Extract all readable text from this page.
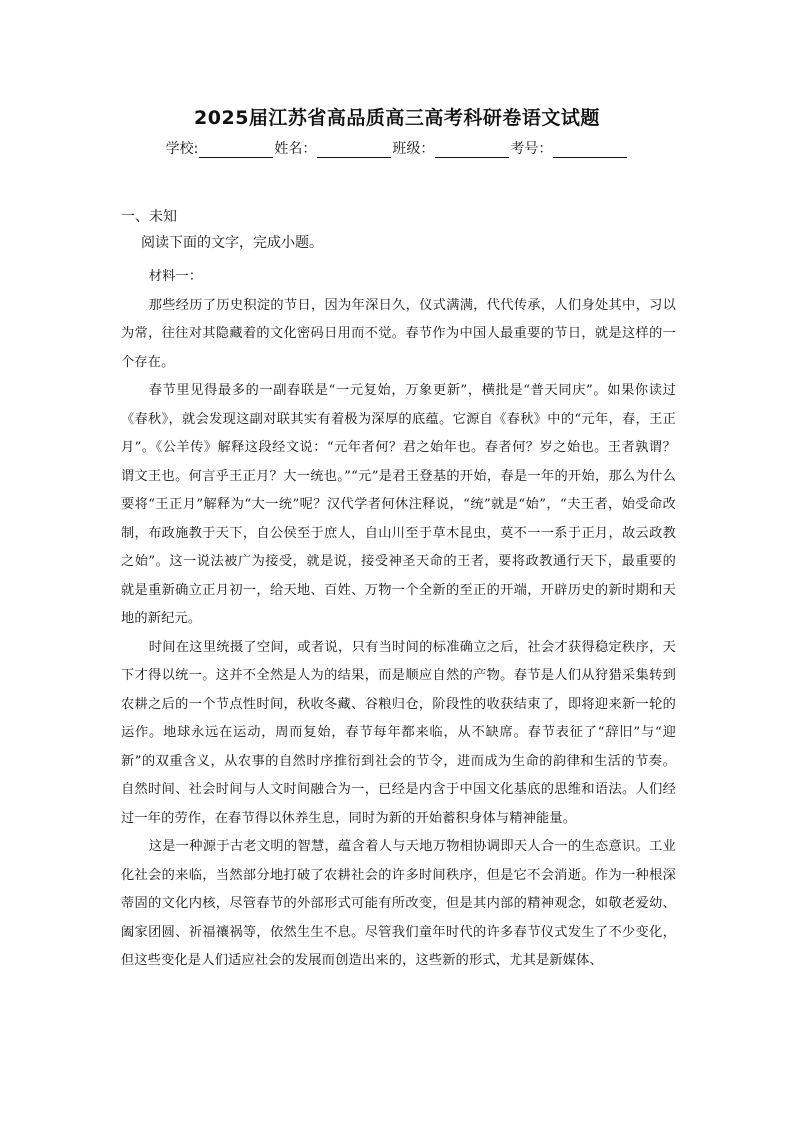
2025届江苏省高品质高三高考科研卷语文试题
学校:	姓名：	班级：	考号：
一、未知
阅读下面的文字，完成小题。

材料一：

那些经历了历史积淀的节日，因为年深日久，仪式满满，代代传承，人们身处其中，习以为常，往往对其隐藏着的文化密码日用而不觉。春节作为中国人最重要的节日，就是这样的一个存在。

春节里见得最多的一副春联是“一元复始，万象更新”，横批是“普天同庆”。如果你读过《春秋》，就会发现这副对联其实有着极为深厚的底蕴。它源自《春秋》中的“元年，春，王正月”。《公羊传》解释这段经文说：“元年者何？君之始年也。春者何？岁之始也。王者孰谓？谓文王也。何言乎王正月？大一统也。”“元”是君王登基的开始，春是一年的开始，那么为什么要将“王正月”解释为“大一统”呢？汉代学者何休注释说，“统”就是“始”，“夫王者，始受命改制，布政施教于天下，自公侯至于庶人，自山川至于草木昆虫，莫不一一系于正月，故云政教之始”。这一说法被广为接受，就是说，接受神圣天命的王者，要将政教通行天下，最重要的就是重新确立正月初一，给天地、百姓、万物一个全新的至正的开端，开辟历史的新时期和天地的新纪元。

时间在这里统摄了空间，或者说，只有当时间的标准确立之后，社会才获得稳定秩序，天下才得以统一。这并不全然是人为的结果，而是顺应自然的产物。春节是人们从狩猎采集转到农耕之后的一个节点性时间，秋收冬藏、谷粮归仓，阶段性的收获结束了，即将迎来新一轮的运作。地球永远在运动，周而复始，春节每年都来临，从不缺席。春节表征了“辞旧”与“迎新”的双重含义，从农事的自然时序推衍到社会的节令，进而成为生命的韵律和生活的节奏。自然时间、社会时间与人文时间融合为一，已经是内含于中国文化基底的思维和语法。人们经过一年的劳作，在春节得以休养生息，同时为新的开始蓄积身体与精神能量。

这是一种源于古老文明的智慧，蕴含着人与天地万物相协调即天人合一的生态意识。工业化社会的来临，当然部分地打破了农耕社会的许多时间秩序，但是它不会消逝。作为一种根深蒂固的文化内核，尽管春节的外部形式可能有所改变，但是其内部的精神观念，如敬老爱幼、阖家团圆、祈福禳祸等，依然生生不息。尽管我们童年时代的许多春节仪式发生了不少变化，但这些变化是人们适应社会的发展而创造出来的，这些新的形式，尤其是新媒体、
